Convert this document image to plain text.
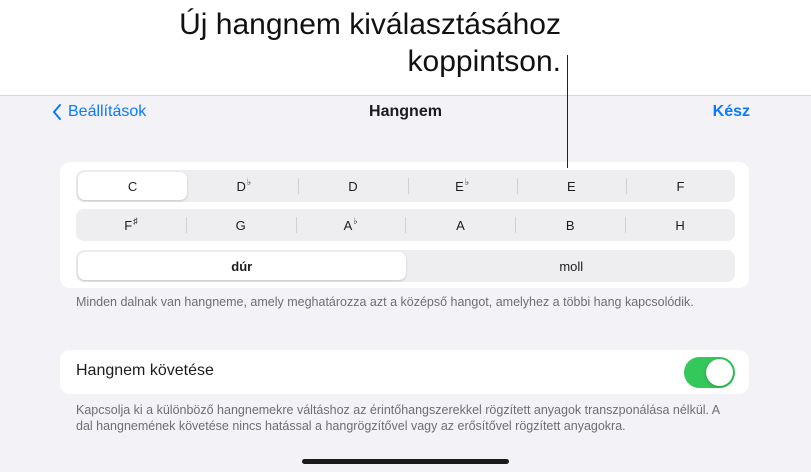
Új hangnem kiválasztásához
koppintson.
Beállítások	Hangnem	Kész
C	D ♭	D	E ♭	E	F
F ♯	G	A ♭	A	B	H
dúr	moll
Minden dalnak van hangneme, amely meghatározza azt a középső hangot, amelyhez a többi hang kapcsolódik.
Hangnem követése
Kapcsolja ki a különböző hangnemekre váltáshoz az érintőhangszerekkel rögzített anyagok transzponálása nélkül. A dal hangnemének követése nincs hatással a hangrögzítővel vagy az erősítővel rögzített anyagokra.
